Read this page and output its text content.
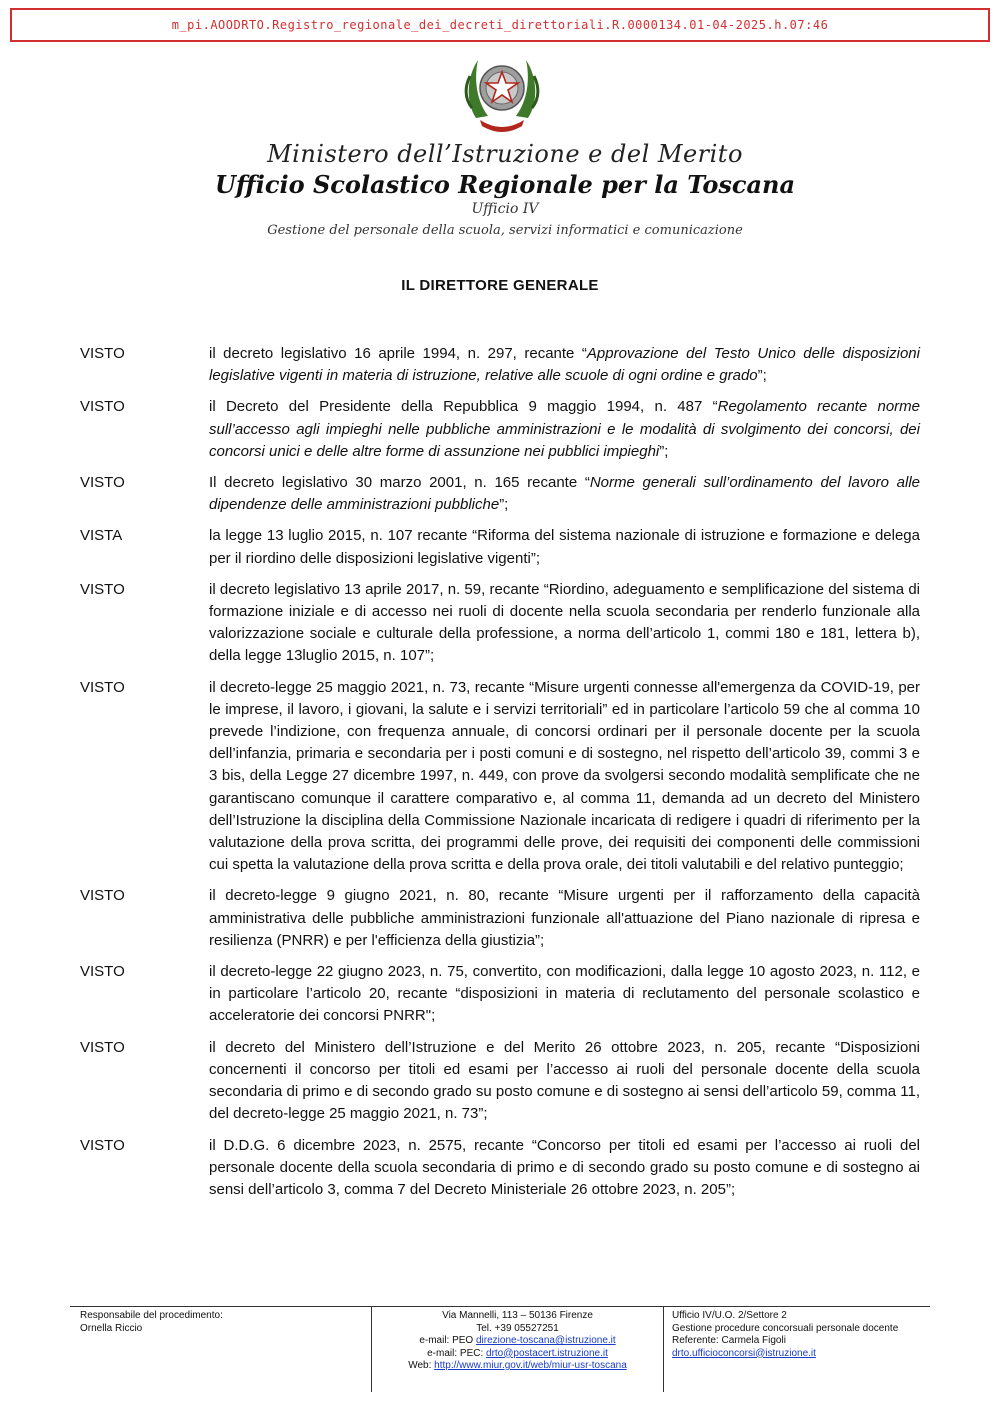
m_pi.AOODRTO.Registro_regionale_dei_decreti_direttoriali.R.0000134.01-04-2025.h.07:46
Ministero dell’Istruzione e del Merito
Ufficio Scolastico Regionale per la Toscana
Ufficio IV
Gestione del personale della scuola, servizi informatici e comunicazione
IL DIRETTORE GENERALE
VISTO	il decreto legislativo 16 aprile 1994, n. 297, recante “Approvazione del Testo Unico delle disposizioni legislative vigenti in materia di istruzione, relative alle scuole di ogni ordine e grado”;
VISTO	il Decreto del Presidente della Repubblica 9 maggio 1994, n. 487 “Regolamento recante norme sull’accesso agli impieghi nelle pubbliche amministrazioni e le modalità di svolgimento dei concorsi, dei concorsi unici e delle altre forme di assunzione nei pubblici impieghi”;
VISTO	Il decreto legislativo 30 marzo 2001, n. 165 recante “Norme generali sull’ordinamento del lavoro alle dipendenze delle amministrazioni pubbliche”;
VISTA	la legge 13 luglio 2015, n. 107 recante “Riforma del sistema nazionale di istruzione e formazione e delega per il riordino delle disposizioni legislative vigenti”;
VISTO	il decreto legislativo 13 aprile 2017, n. 59, recante “Riordino, adeguamento e semplificazione del sistema di formazione iniziale e di accesso nei ruoli di docente nella scuola secondaria per renderlo funzionale alla valorizzazione sociale e culturale della professione, a norma dell’articolo 1, commi 180 e 181, lettera b), della legge 13luglio 2015, n. 107”;
VISTO	il decreto-legge 25 maggio 2021, n. 73, recante “Misure urgenti connesse all'emergenza da COVID-19, per le imprese, il lavoro, i giovani, la salute e i servizi territoriali” ed in particolare l’articolo 59 che al comma 10 prevede l’indizione, con frequenza annuale, di concorsi ordinari per il personale docente per la scuola dell’infanzia, primaria e secondaria per i posti comuni e di sostegno, nel rispetto dell’articolo 39, commi 3 e 3 bis, della Legge 27 dicembre 1997, n. 449, con prove da svolgersi secondo modalità semplificate che ne garantiscano comunque il carattere comparativo e, al comma 11, demanda ad un decreto del Ministero dell’Istruzione la disciplina della Commissione Nazionale incaricata di redigere i quadri di riferimento per la valutazione della prova scritta, dei programmi delle prove, dei requisiti dei componenti delle commissioni cui spetta la valutazione della prova scritta e della prova orale, dei titoli valutabili e del relativo punteggio;
VISTO	il decreto-legge 9 giugno 2021, n. 80, recante “Misure urgenti per il rafforzamento della capacità amministrativa delle pubbliche amministrazioni funzionale all'attuazione del Piano nazionale di ripresa e resilienza (PNRR) e per l'efficienza della giustizia”;
VISTO	il decreto-legge 22 giugno 2023, n. 75, convertito, con modificazioni, dalla legge 10 agosto 2023, n. 112, e in particolare l’articolo 20, recante “disposizioni in materia di reclutamento del personale scolastico e acceleratorie dei concorsi PNRR";
VISTO	il decreto del Ministero dell’Istruzione e del Merito 26 ottobre 2023, n. 205, recante “Disposizioni concernenti il concorso per titoli ed esami per l’accesso ai ruoli del personale docente della scuola secondaria di primo e di secondo grado su posto comune e di sostegno ai sensi dell’articolo 59, comma 11, del decreto-legge 25 maggio 2021, n. 73”;
VISTO	il D.D.G. 6 dicembre 2023, n. 2575, recante “Concorso per titoli ed esami per l’accesso ai ruoli del personale docente della scuola secondaria di primo e di secondo grado su posto comune e di sostegno ai sensi dell’articolo 3, comma 7 del Decreto Ministeriale 26 ottobre 2023, n. 205”;
Responsabile del procedimento:
Ornella Riccio
Via Mannelli, 113 – 50136 Firenze
Tel. +39 05527251
e-mail: PEO direzione-toscana@istruzione.it
e-mail: PEC: drto@postacert.istruzione.it
Web: http://www.miur.gov.it/web/miur-usr-toscana
Ufficio IV/U.O. 2/Settore 2
Gestione procedure concorsuali personale docente
Referente: Carmela Figoli
drto.ufficioconcorsi@istruzione.it
